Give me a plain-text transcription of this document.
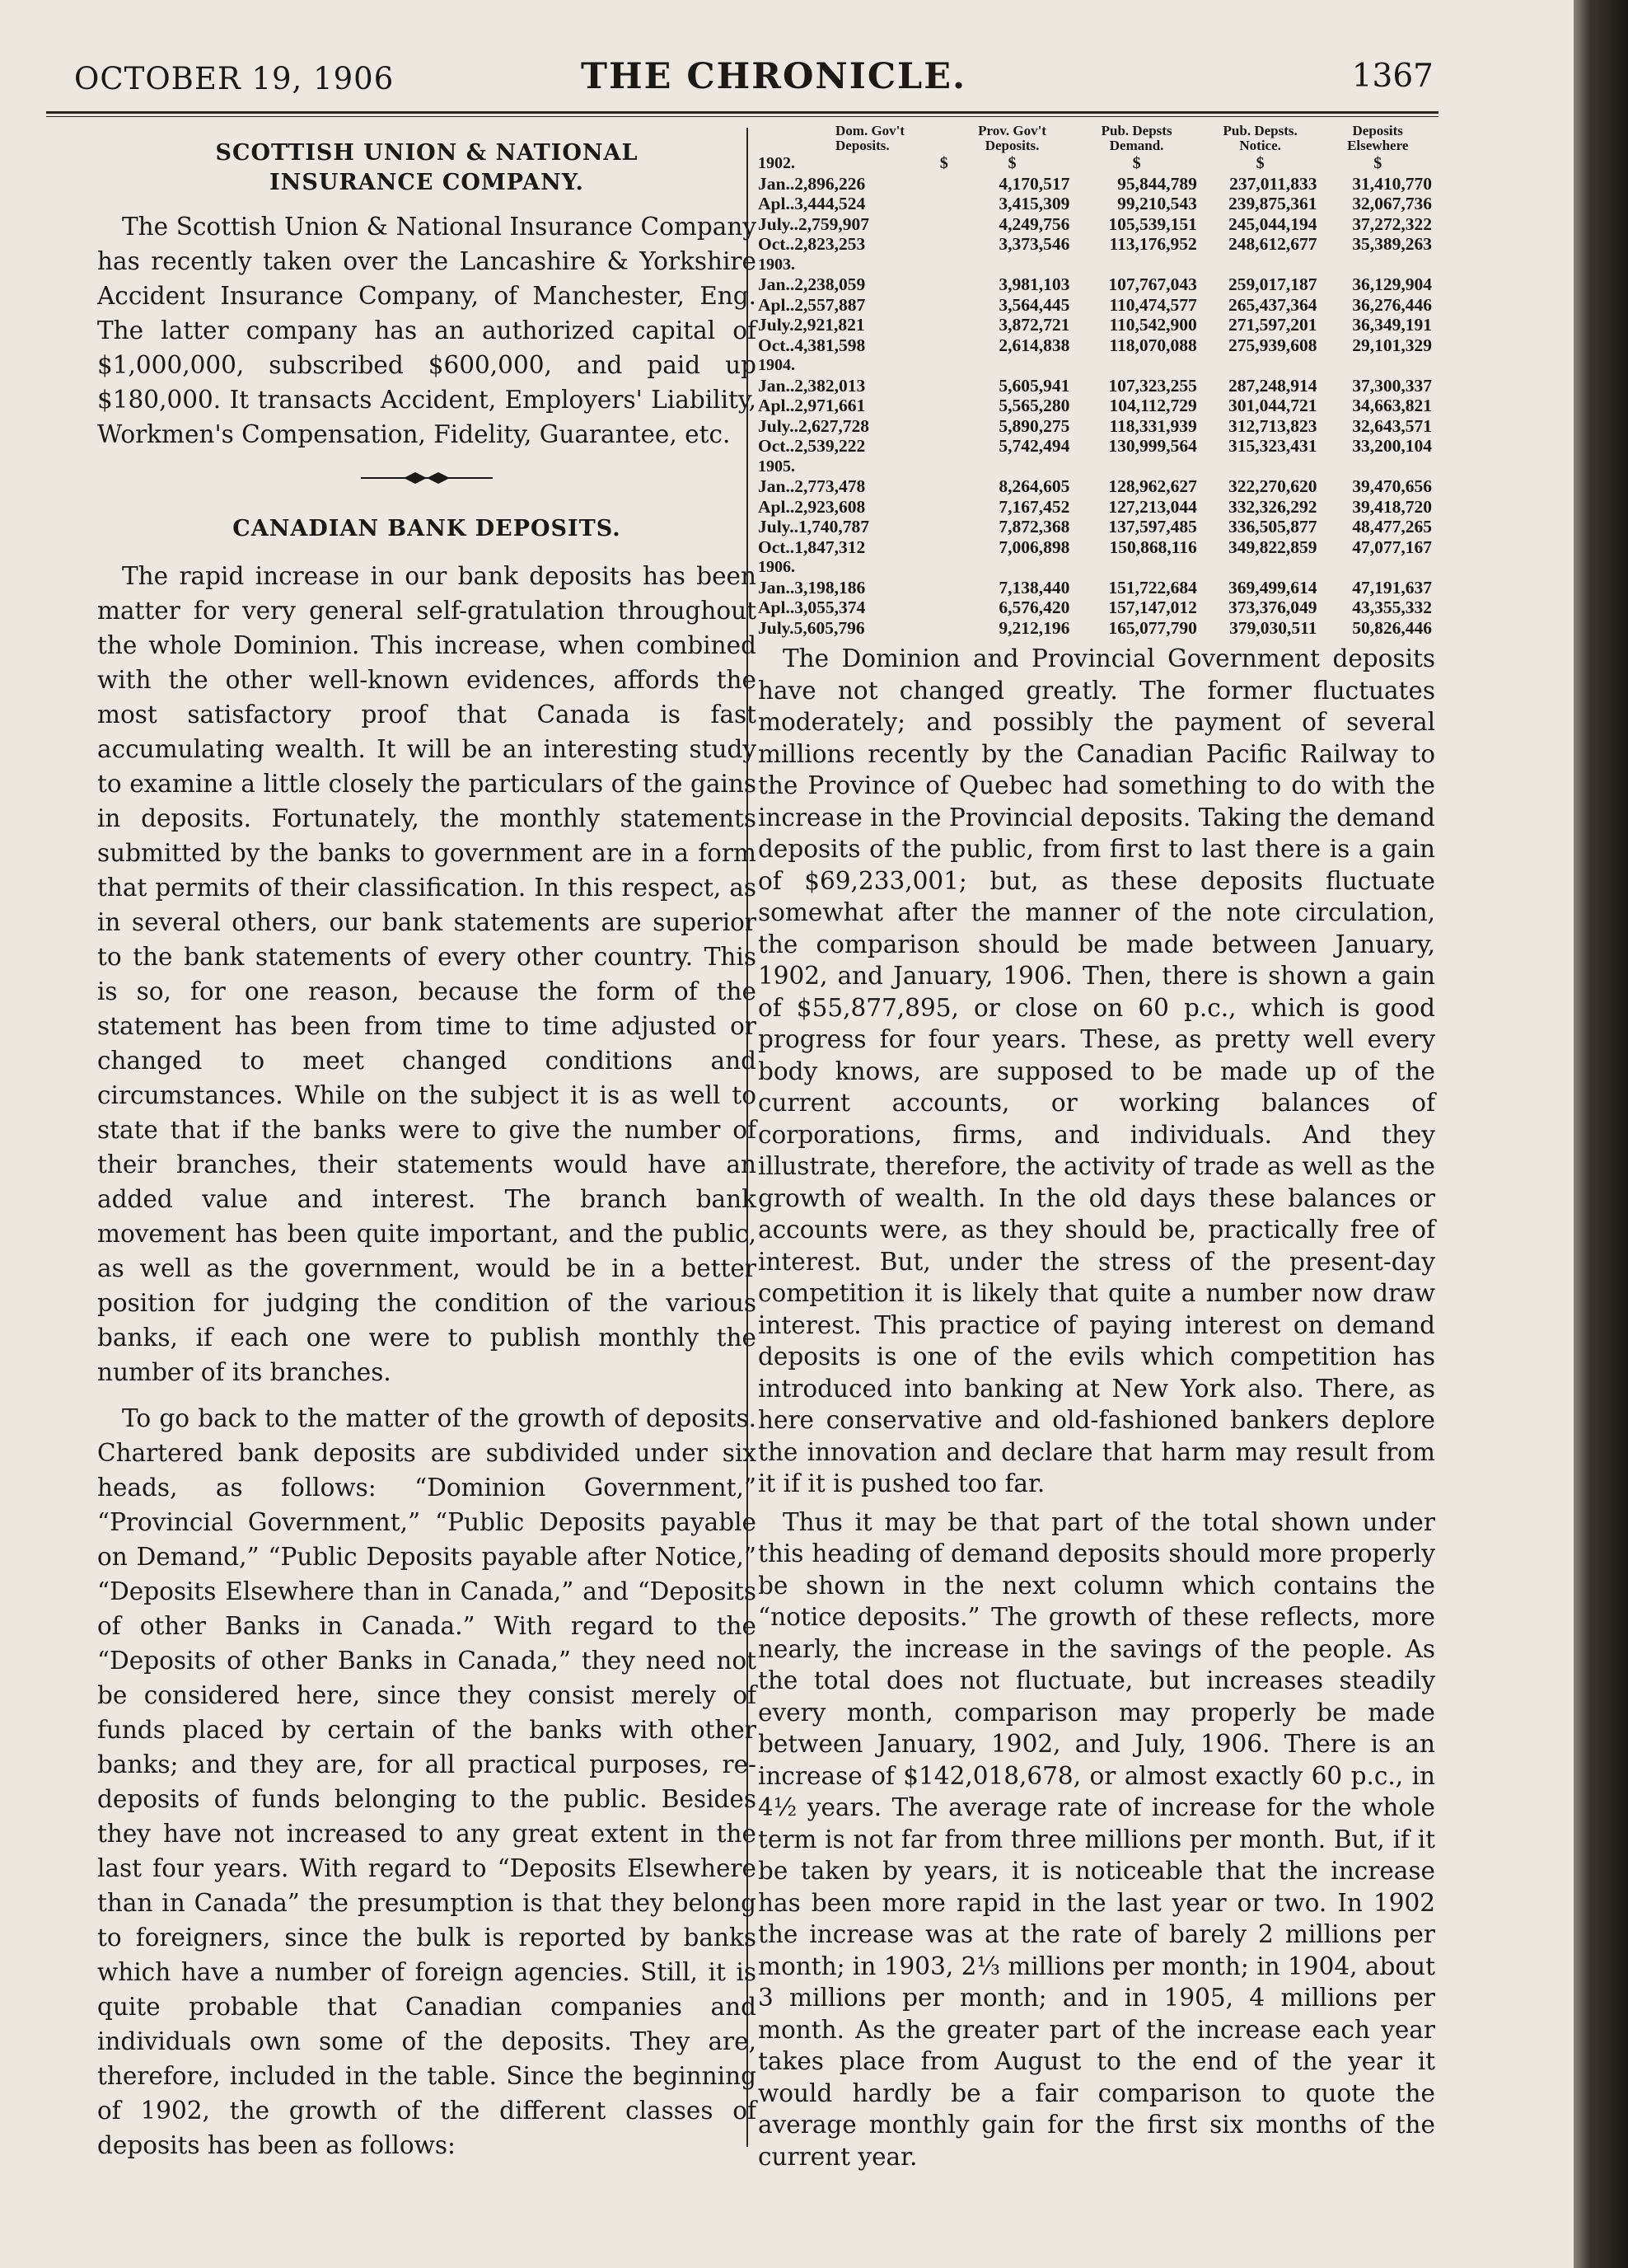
OCTOBER 19, 1906	THE CHRONICLE.	1367

SCOTTISH UNION & NATIONAL INSURANCE COMPANY.

The Scottish Union & National Insurance Company has recently taken over the Lancashire & Yorkshire Accident Insurance Company, of Manchester, Eng. The latter company has an authorized capital of $1,000,000, subscribed $600,000, and paid up $180,000. It transacts Accident, Employers' Liability, Workmen's Compensation, Fidelity, Guarantee, etc.

CANADIAN BANK DEPOSITS.

The rapid increase in our bank deposits has been matter for very general self-gratulation throughout the whole Dominion. This increase, when combined with the other well-known evidences, affords the most satisfactory proof that Canada is fast accumulating wealth. It will be an interesting study to examine a little closely the particulars of the gains in deposits. Fortunately, the monthly statements submitted by the banks to government are in a form that permits of their classification. In this respect, as in several others, our bank statements are superior to the bank statements of every other country. This is so, for one reason, because the form of the statement has been from time to time adjusted or changed to meet changed conditions and circumstances. While on the subject it is as well to state that if the banks were to give the number of their branches, their statements would have an added value and interest. The branch bank movement has been quite important, and the public, as well as the government, would be in a better position for judging the condition of the various banks, if each one were to publish monthly the number of its branches.

To go back to the matter of the growth of deposits. Chartered bank deposits are subdivided under six heads, as follows: “Dominion Government,” “Provincial Government,” “Public Deposits payable on Demand,” “Public Deposits payable after Notice,” “Deposits Elsewhere than in Canada,” and “Deposits of other Banks in Canada.” With regard to the “Deposits of other Banks in Canada,” they need not be considered here, since they consist merely of funds placed by certain of the banks with other banks; and they are, for all practical purposes, re-deposits of funds belonging to the public. Besides they have not increased to any great extent in the last four years. With regard to “Deposits Elsewhere than in Canada” the presumption is that they belong to foreigners, since the bulk is reported by banks which have a number of foreign agencies. Still, it is quite probable that Canadian companies and individuals own some of the deposits. They are, therefore, included in the table. Since the beginning of 1902, the growth of the different classes of deposits has been as follows:

	Dom. Gov't Deposits.	Prov. Gov't Deposits.	Pub. Depsts Demand.	Pub. Depsts. Notice.	Deposits Elsewhere
1902.	$	$	$	$	$
Jan..2,896,226		4,170,517	95,844,789	237,011,833	31,410,770
Apl..3,444,524		3,415,309	99,210,543	239,875,361	32,067,736
July..2,759,907		4,249,756	105,539,151	245,044,194	37,272,322
Oct..2,823,253		3,373,546	113,176,952	248,612,677	35,389,263
1903.					
Jan..2,238,059		3,981,103	107,767,043	259,017,187	36,129,904
Apl..2,557,887		3,564,445	110,474,577	265,437,364	36,276,446
July.2,921,821		3,872,721	110,542,900	271,597,201	36,349,191
Oct..4,381,598		2,614,838	118,070,088	275,939,608	29,101,329
1904.					
Jan..2,382,013		5,605,941	107,323,255	287,248,914	37,300,337
Apl..2,971,661		5,565,280	104,112,729	301,044,721	34,663,821
July..2,627,728		5,890,275	118,331,939	312,713,823	32,643,571
Oct..2,539,222		5,742,494	130,999,564	315,323,431	33,200,104
1905.					
Jan..2,773,478		8,264,605	128,962,627	322,270,620	39,470,656
Apl..2,923,608		7,167,452	127,213,044	332,326,292	39,418,720
July..1,740,787		7,872,368	137,597,485	336,505,877	48,477,265
Oct..1,847,312		7,006,898	150,868,116	349,822,859	47,077,167
1906.					
Jan..3,198,186		7,138,440	151,722,684	369,499,614	47,191,637
Apl..3,055,374		6,576,420	157,147,012	373,376,049	43,355,332
July.5,605,796		9,212,196	165,077,790	379,030,511	50,826,446

The Dominion and Provincial Government deposits have not changed greatly. The former fluctuates moderately; and possibly the payment of several millions recently by the Canadian Pacific Railway to the Province of Quebec had something to do with the increase in the Provincial deposits. Taking the demand deposits of the public, from first to last there is a gain of $69,233,001; but, as these deposits fluctuate somewhat after the manner of the note circulation, the comparison should be made between January, 1902, and January, 1906. Then, there is shown a gain of $55,877,895, or close on 60 p.c., which is good progress for four years. These, as pretty well every body knows, are supposed to be made up of the current accounts, or working balances of corporations, firms, and individuals. And they illustrate, therefore, the activity of trade as well as the growth of wealth. In the old days these balances or accounts were, as they should be, practically free of interest. But, under the stress of the present-day competition it is likely that quite a number now draw interest. This practice of paying interest on demand deposits is one of the evils which competition has introduced into banking at New York also. There, as here conservative and old-fashioned bankers deplore the innovation and declare that harm may result from it if it is pushed too far.

Thus it may be that part of the total shown under this heading of demand deposits should more properly be shown in the next column which contains the “notice deposits.” The growth of these reflects, more nearly, the increase in the savings of the people. As the total does not fluctuate, but increases steadily every month, comparison may properly be made between January, 1902, and July, 1906. There is an increase of $142,018,678, or almost exactly 60 p.c., in 4½ years. The average rate of increase for the whole term is not far from three millions per month. But, if it be taken by years, it is noticeable that the increase has been more rapid in the last year or two. In 1902 the increase was at the rate of barely 2 millions per month; in 1903, 2⅓ millions per month; in 1904, about 3 millions per month; and in 1905, 4 millions per month. As the greater part of the increase each year takes place from August to the end of the year it would hardly be a fair comparison to quote the average monthly gain for the first six months of the current year.
